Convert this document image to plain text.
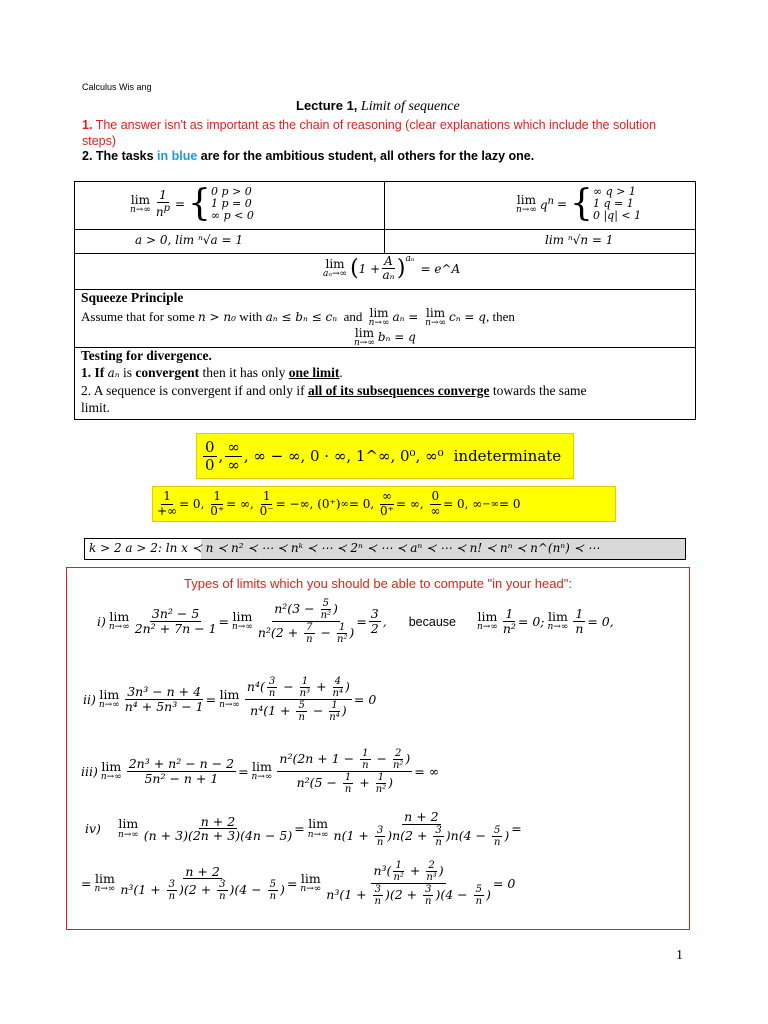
Calculus Wis ang
Lecture 1, Limit of sequence
1. The answer isn't as important as the chain of reasoning (clear explanations which include the solution
steps)
2. The tasks in blue are for the ambitious student, all others for the lazy one.
lim
$n\to\infty \frac{1}{n^p}$ = { 0 p > 0
1 p = 0
∞ p < 0
lim
n→∞ $q^n$ = { ∞ q > 1
1 q = 1
0 |q| < 1
a > 0, lim ⁿ√a = 1	lim ⁿ√n = 1
lim
aₙ→∞ ( $1 + \frac{A}{\text{aₙ}} )^{a_n}$
= e^A
Squeeze Principle
Assume that for some n > n₀ with aₙ ≤ bₙ ≤ cₙ and lim
n→∞ aₙ = lim
n→∞ cₙ = q, then
lim
n→∞ bₙ = q
Testing for divergence.
1. If aₙ is convergent then it has only one limit.
2. A sequence is convergent if and only if all of its subsequences converge towards the same
limit.
$\frac{0}{0}$ , $\frac{\infty}{\infty}$ , ∞ − ∞, 0 · ∞, 1^∞, 0⁰, ∞⁰ indeterminate
$\frac{1}{+\infty} = 0$, $\frac{1}{0^+}$ = ∞, $\frac{1}{0^-}$ = −∞, (0⁺) ∞ = 0, $\frac{\infty}{0^+}$ = ∞, $\frac{0}{\infty} = 0$, ∞ −∞ = 0
k > 2 a > 2: ln x ≺ n ≺ n² ≺ ⋯ ≺ nᵏ ≺ ⋯ ≺ 2ⁿ ≺ ⋯ ≺ aⁿ ≺ ⋯ ≺ n! ≺ nⁿ ≺ n^(nⁿ) ≺ ⋯
Types of limits which you should be able to compute "in your head":
i) lim
$n\to\infty \frac{\text{3n² − 5}}{\text{2n² + 7n − 1}} = \lim$
$n\to\infty \frac{n^2(3 - \frac{5}{\text{n²}} )}{n^2(2 + \frac{7}{n} - \frac{1}{\text{n²}} )} = \frac{3}{2}$ , because lim
$n\to\infty \frac{1}{\text{n²}} = 0$; lim
$n\to\infty \frac{1}{n} = 0$,
ii) lim
$n\to\infty \frac{\text{3n³ − n + 4}}{\text{n⁴ + 5n³ − 1}} = \lim$
$n\to\infty \frac{n^4( \frac{3}{n} - \frac{1}{\text{n³}} + \frac{4}{\text{n⁴}} )}{n^4(1 + \frac{5}{n} - \frac{1}{\text{n⁴}} )} = 0$
iii) lim
$n\to\infty \frac{\text{2n³ + n² − n − 2}}{\text{5n² − n + 1}} = \lim$
$n\to\infty \frac{n^2(2n + 1 - \frac{1}{n} - \frac{2}{\text{n²}} )}{n^2(5 - \frac{1}{n} + \frac{1}{\text{n²}} )}$ = ∞
iv) lim
$n\to\infty \frac{n + 2}{(n + 3)(2n + 3)(4n - 5)} = \lim$
$n\to\infty \frac{n + 2}{n(1 + \frac{3}{n} )n(2 + \frac{3}{n} )n(4 - \frac{5}{n} )}$ =
= lim
$n\to\infty \frac{n + 2}{n^3(1 + \frac{3}{n} )(2 + \frac{3}{n} )(4 - \frac{5}{n} )} = \lim$
$n\to\infty \frac{n^3( \frac{1}{\text{n²}} + \frac{2}{\text{n³}} )}{n^3(1 + \frac{3}{n} )(2 + \frac{3}{n} )(4 - \frac{5}{n} )} = 0$
1
